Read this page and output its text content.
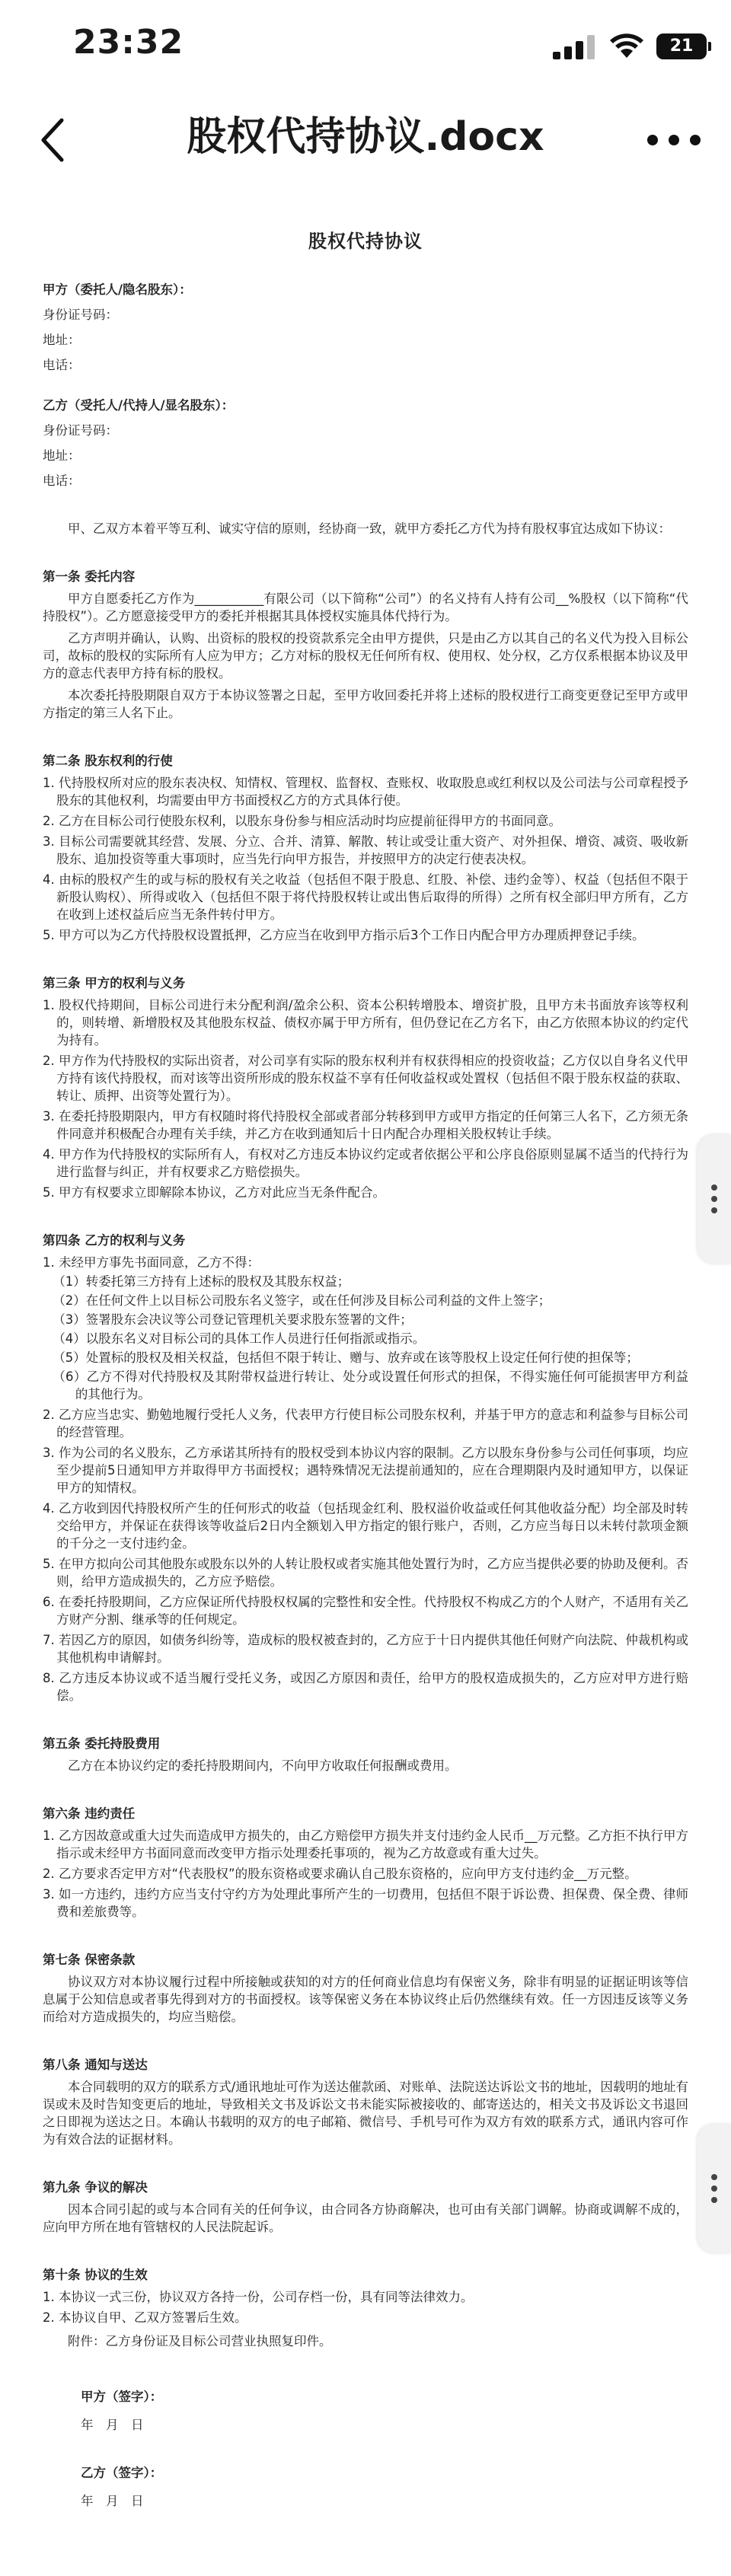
23:32	21
股权代持协议.docx
股权代持协议
甲方（委托人/隐名股东）：
身份证号码：
地址：
电话：
乙方（受托人/代持人/显名股东）：
身份证号码：
地址：
电话：
甲、乙双方本着平等互利、诚实守信的原则，经协商一致，就甲方委托乙方代为持有股权事宜达成如下协议：
第一条 委托内容
甲方自愿委托乙方作为___________有限公司（以下简称“公司”）的名义持有人持有公司__%股权（以下简称“代持股权”）。乙方愿意接受甲方的委托并根据其具体授权实施具体代持行为。
乙方声明并确认，认购、出资标的股权的投资款系完全由甲方提供，只是由乙方以其自己的名义代为投入目标公司，故标的股权的实际所有人应为甲方；乙方对标的股权无任何所有权、使用权、处分权，乙方仅系根据本协议及甲方的意志代表甲方持有标的股权。
本次委托持股期限自双方于本协议签署之日起，至甲方收回委托并将上述标的股权进行工商变更登记至甲方或甲方指定的第三人名下止。
第二条 股东权利的行使
1. 代持股权所对应的股东表决权、知情权、管理权、监督权、查账权、收取股息或红利权以及公司法与公司章程授予股东的其他权利，均需要由甲方书面授权乙方的方式具体行使。
2. 乙方在目标公司行使股东权利，以股东身份参与相应活动时均应提前征得甲方的书面同意。
3. 目标公司需要就其经营、发展、分立、合并、清算、解散、转让或受让重大资产、对外担保、增资、减资、吸收新股东、追加投资等重大事项时，应当先行向甲方报告，并按照甲方的决定行使表决权。
4. 由标的股权产生的或与标的股权有关之收益（包括但不限于股息、红股、补偿、违约金等）、权益（包括但不限于新股认购权）、所得或收入（包括但不限于将代持股权转让或出售后取得的所得）之所有权全部归甲方所有，乙方在收到上述权益后应当无条件转付甲方。
5. 甲方可以为乙方代持股权设置抵押，乙方应当在收到甲方指示后3个工作日内配合甲方办理质押登记手续。
第三条 甲方的权利与义务
1. 股权代持期间，目标公司进行未分配利润/盈余公积、资本公积转增股本、增资扩股，且甲方未书面放弃该等权利的，则转增、新增股权及其他股东权益、债权亦属于甲方所有，但仍登记在乙方名下，由乙方依照本协议的约定代为持有。
2. 甲方作为代持股权的实际出资者，对公司享有实际的股东权利并有权获得相应的投资收益；乙方仅以自身名义代甲方持有该代持股权，而对该等出资所形成的股东权益不享有任何收益权或处置权（包括但不限于股东权益的获取、转让、质押、出资等处置行为）。
3. 在委托持股期限内，甲方有权随时将代持股权全部或者部分转移到甲方或甲方指定的任何第三人名下，乙方须无条件同意并积极配合办理有关手续，并乙方在收到通知后十日内配合办理相关股权转让手续。
4. 甲方作为代持股权的实际所有人，有权对乙方违反本协议约定或者依据公平和公序良俗原则显属不适当的代持行为进行监督与纠正，并有权要求乙方赔偿损失。
5. 甲方有权要求立即解除本协议，乙方对此应当无条件配合。
第四条 乙方的权利与义务
1. 未经甲方事先书面同意，乙方不得：
（1）转委托第三方持有上述标的股权及其股东权益；
（2）在任何文件上以目标公司股东名义签字，或在任何涉及目标公司利益的文件上签字；
（3）签署股东会决议等公司登记管理机关要求股东签署的文件；
（4）以股东名义对目标公司的具体工作人员进行任何指派或指示。
（5）处置标的股权及相关权益，包括但不限于转让、赠与、放弃或在该等股权上设定任何行使的担保等；
（6）乙方不得对代持股权及其附带权益进行转让、处分或设置任何形式的担保，不得实施任何可能损害甲方利益的其他行为。
2. 乙方应当忠实、勤勉地履行受托人义务，代表甲方行使目标公司股东权利，并基于甲方的意志和利益参与目标公司的经营管理。
3. 作为公司的名义股东，乙方承诺其所持有的股权受到本协议内容的限制。乙方以股东身份参与公司任何事项，均应至少提前5日通知甲方并取得甲方书面授权；遇特殊情况无法提前通知的，应在合理期限内及时通知甲方，以保证甲方的知情权。
4. 乙方收到因代持股权所产生的任何形式的收益（包括现金红利、股权溢价收益或任何其他收益分配）均全部及时转交给甲方，并保证在获得该等收益后2日内全额划入甲方指定的银行账户，否则，乙方应当每日以未转付款项金额的千分之一支付违约金。
5. 在甲方拟向公司其他股东或股东以外的人转让股权或者实施其他处置行为时，乙方应当提供必要的协助及便利。否则，给甲方造成损失的，乙方应予赔偿。
6. 在委托持股期间，乙方应保证所代持股权权属的完整性和安全性。代持股权不构成乙方的个人财产，不适用有关乙方财产分割、继承等的任何规定。
7. 若因乙方的原因，如债务纠纷等，造成标的股权被查封的，乙方应于十日内提供其他任何财产向法院、仲裁机构或其他机构申请解封。
8. 乙方违反本协议或不适当履行受托义务，或因乙方原因和责任，给甲方的股权造成损失的，乙方应对甲方进行赔偿。
第五条 委托持股费用
乙方在本协议约定的委托持股期间内，不向甲方收取任何报酬或费用。
第六条 违约责任
1. 乙方因故意或重大过失而造成甲方损失的，由乙方赔偿甲方损失并支付违约金人民币__万元整。乙方拒不执行甲方指示或未经甲方书面同意而改变甲方指示处理委托事项的，视为乙方故意或有重大过失。
2. 乙方要求否定甲方对“代表股权”的股东资格或要求确认自己股东资格的，应向甲方支付违约金__万元整。
3. 如一方违约，违约方应当支付守约方为处理此事所产生的一切费用，包括但不限于诉讼费、担保费、保全费、律师费和差旅费等。
第七条 保密条款
协议双方对本协议履行过程中所接触或获知的对方的任何商业信息均有保密义务，除非有明显的证据证明该等信息属于公知信息或者事先得到对方的书面授权。该等保密义务在本协议终止后仍然继续有效。任一方因违反该等义务而给对方造成损失的，均应当赔偿。
第八条 通知与送达
本合同载明的双方的联系方式/通讯地址可作为送达催款函、对账单、法院送达诉讼文书的地址，因载明的地址有误或未及时告知变更后的地址，导致相关文书及诉讼文书未能实际被接收的、邮寄送达的，相关文书及诉讼文书退回之日即视为送达之日。本确认书载明的双方的电子邮箱、微信号、手机号可作为双方有效的联系方式，通讯内容可作为有效合法的证据材料。
第九条 争议的解决
因本合同引起的或与本合同有关的任何争议，由合同各方协商解决，也可由有关部门调解。协商或调解不成的，应向甲方所在地有管辖权的人民法院起诉。
第十条 协议的生效
1. 本协议一式三份，协议双方各持一份，公司存档一份，具有同等法律效力。
2. 本协议自甲、乙双方签署后生效。
附件：乙方身份证及目标公司营业执照复印件。
甲方（签字）：
年　月　日
乙方（签字）：
年　月　日
